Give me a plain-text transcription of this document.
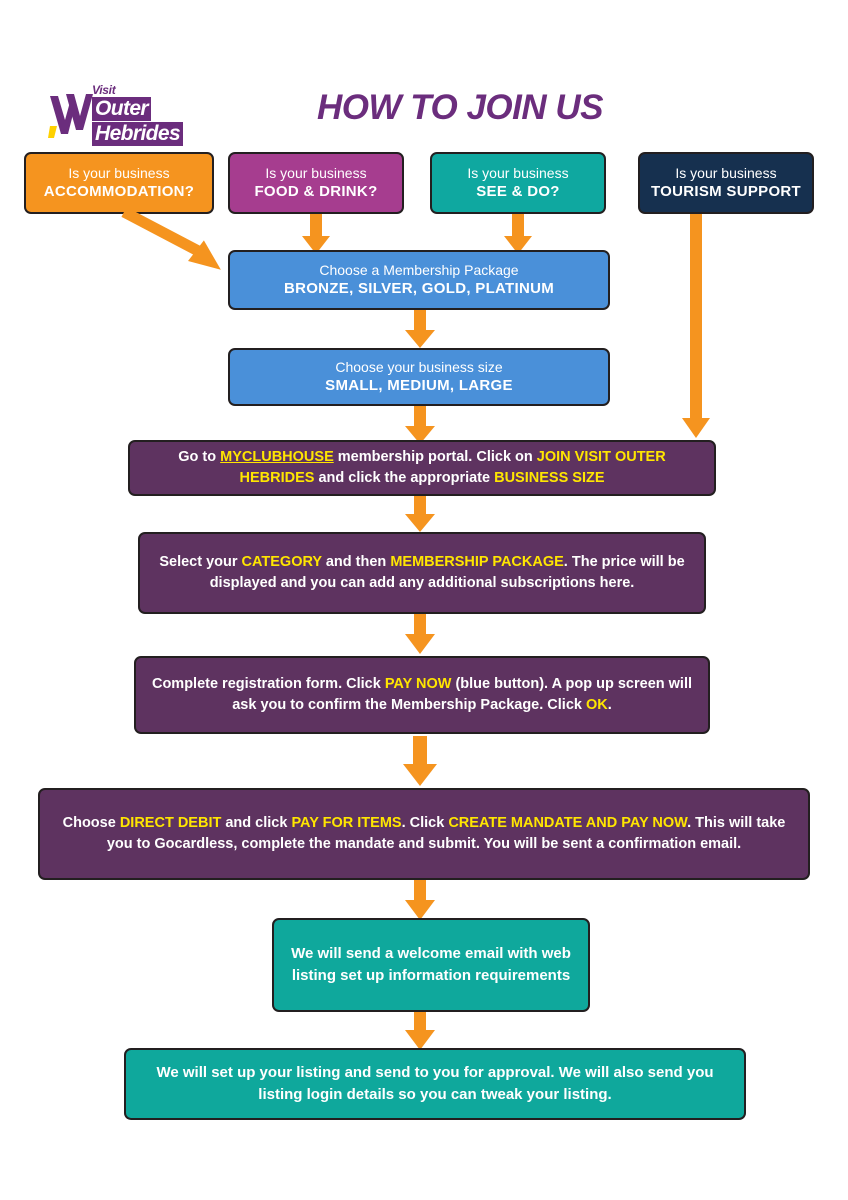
Visit
Outer
Hebrides
HOW TO JOIN US
Is your business
ACCOMMODATION?
Is your business
FOOD & DRINK?
Is your business
SEE & DO?
Is your business
TOURISM SUPPORT
Choose a Membership Package
BRONZE, SILVER, GOLD, PLATINUM
Choose your business size
SMALL, MEDIUM, LARGE
Go to MYCLUBHOUSE membership portal. Click on JOIN VISIT OUTER HEBRIDES and click the appropriate BUSINESS SIZE
Select your CATEGORY and then MEMBERSHIP PACKAGE. The price will be displayed and you can add any additional subscriptions here.
Complete registration form. Click PAY NOW (blue button). A pop up screen will ask you to confirm the Membership Package. Click OK.
Choose DIRECT DEBIT and click PAY FOR ITEMS. Click CREATE MANDATE AND PAY NOW. This will take you to Gocardless, complete the mandate and submit. You will be sent a confirmation email.
We will send a welcome email with web listing set up information requirements
We will set up your listing and send to you for approval. We will also send you listing login details so you can tweak your listing.
